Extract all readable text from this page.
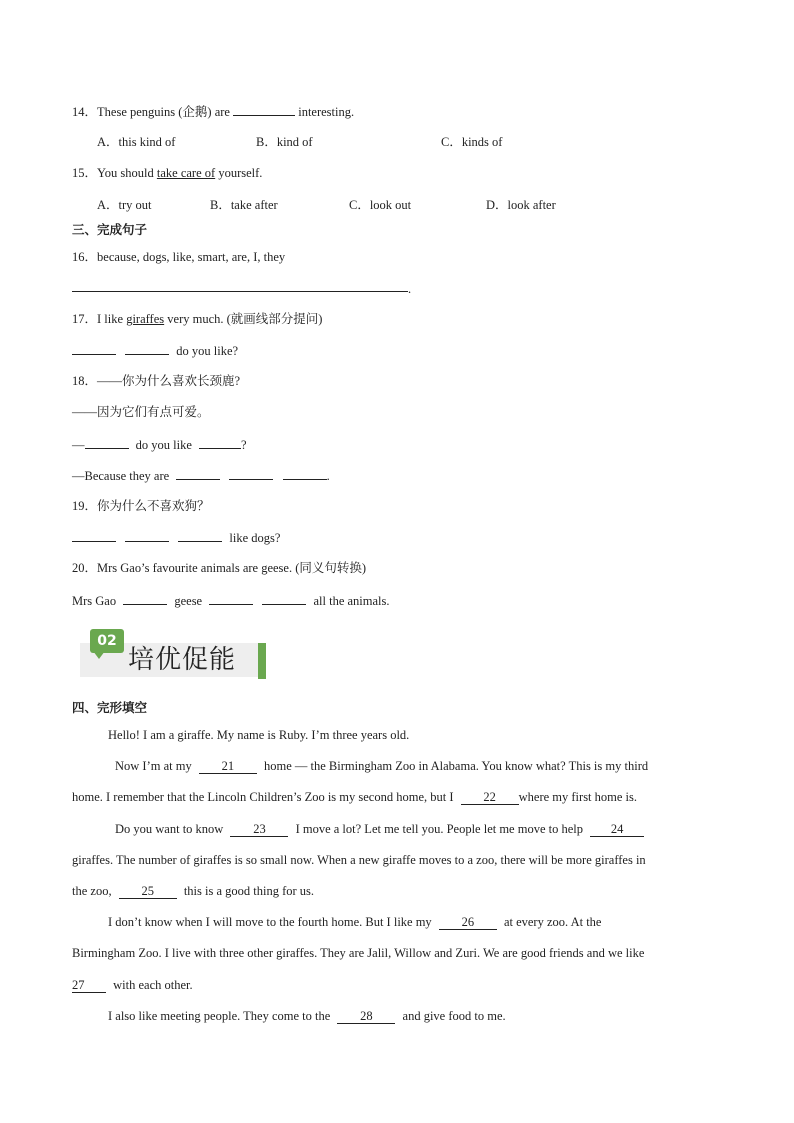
14．These penguins (企鹅) are	interesting.
A．this kind of	B．kind of	C．kinds of
15．You should take care of yourself.
A．try out	B．take after	C．look out	D．look after
三、完成句子
16．because, dogs, like, smart, are, I, they
.
17．I like giraffes very much. (就画线部分提问)
do you like?
18．——你为什么喜欢长颈鹿?
——因为它们有点可爱。
—	do you like	?
—Because they are	.
19．你为什么不喜欢狗？
like dogs?
20．Mrs Gao’s favourite animals are geese. (同义句转换)
Mrs Gao	geese	all the animals.
02
培优促能
四、完形填空
Hello! I am a giraffe. My name is Ruby. I’m three years old.
Now I’m at my 21 home — the Birmingham Zoo in Alabama. You know what? This is my third
home. I remember that the Lincoln Children’s Zoo is my second home, but I 22 where my first home is.
Do you want to know 23 I move a lot? Let me tell you. People let me move to help 24
giraffes. The number of giraffes is so small now. When a new giraffe moves to a zoo, there will be more giraffes in
the zoo, 25 this is a good thing for us.
I don’t know when I will move to the fourth home. But I like my 26 at every zoo. At the
Birmingham Zoo. I live with three other giraffes. They are Jalil, Willow and Zuri. We are good friends and we like
27 with each other.
I also like meeting people. They come to the 28 and give food to me.
